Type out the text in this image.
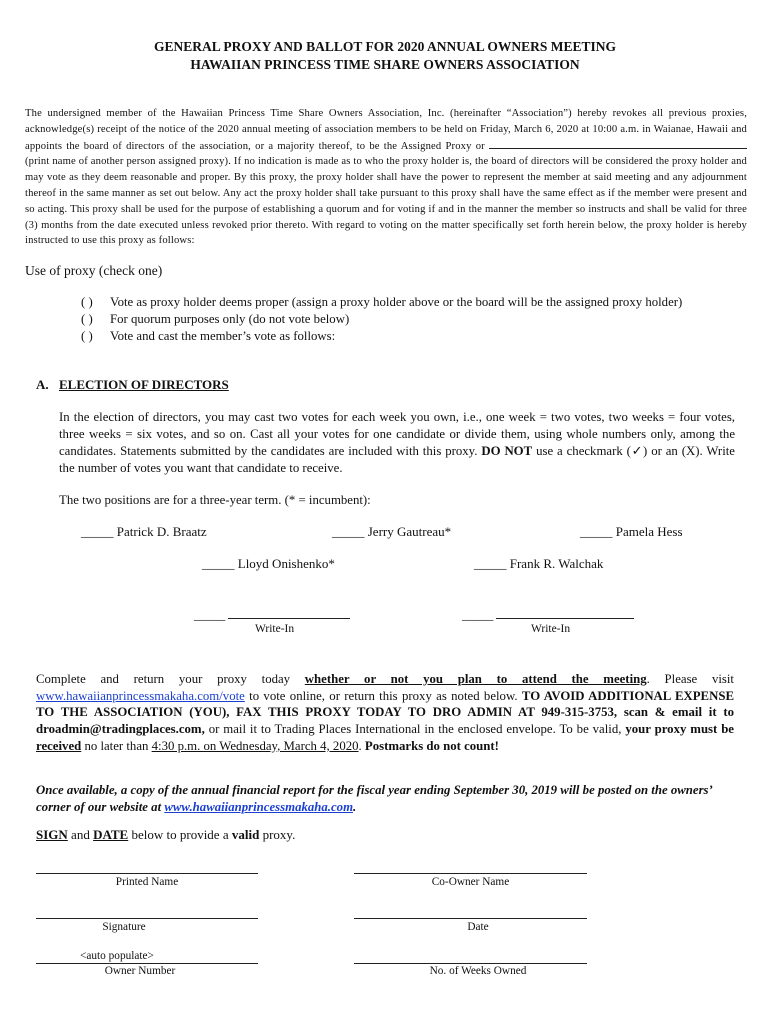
GENERAL PROXY AND BALLOT FOR 2020 ANNUAL OWNERS MEETING
HAWAIIAN PRINCESS TIME SHARE OWNERS ASSOCIATION
The undersigned member of the Hawaiian Princess Time Share Owners Association, Inc. (hereinafter “Association”) hereby revokes all previous proxies, acknowledge(s) receipt of the notice of the 2020 annual meeting of association members to be held on Friday, March 6, 2020 at 10:00 a.m. in Waianae, Hawaii and appoints the board of directors of the association, or a majority thereof, to be the Assigned Proxy or  (print name of another person assigned proxy). If no indication is made as to who the proxy holder is, the board of directors will be considered the proxy holder and may vote as they deem reasonable and proper. By this proxy, the proxy holder shall have the power to represent the member at said meeting and any adjournment thereof in the same manner as set out below. Any act the proxy holder shall take pursuant to this proxy shall have the same effect as if the member were present and so acting. This proxy shall be used for the purpose of establishing a quorum and for voting if and in the manner the member so instructs and shall be valid for three (3) months from the date executed unless revoked prior thereto. With regard to voting on the matter specifically set forth herein below, the proxy holder is hereby instructed to use this proxy as follows:
Use of proxy (check one)
( ) Vote as proxy holder deems proper (assign a proxy holder above or the board will be the assigned proxy holder)
( ) For quorum purposes only (do not vote below)
( ) Vote and cast the member’s vote as follows:
A. ELECTION OF DIRECTORS
In the election of directors, you may cast two votes for each week you own, i.e., one week = two votes, two weeks = four votes, three weeks = six votes, and so on. Cast all your votes for one candidate or divide them, using whole numbers only, among the candidates. Statements submitted by the candidates are included with this proxy. DO NOT use a checkmark (✓) or an (X). Write the number of votes you want that candidate to receive.
The two positions are for a three-year term. (* = incumbent):
_____ Patrick D. Braatz	_____ Jerry Gautreau*	_____ Pamela Hess
_____ Lloyd Onishenko*	_____ Frank R. Walchak
_____
Write-In
_____
Write-In
Complete and return your proxy today whether or not you plan to attend the meeting. Please visit www.hawaiianprincessmakaha.com/vote to vote online, or return this proxy as noted below. TO AVOID ADDITIONAL EXPENSE TO THE ASSOCIATION (YOU), FAX THIS PROXY TODAY TO DRO ADMIN AT 949-315-3753, scan & email it to droadmin@tradingplaces.com, or mail it to Trading Places International in the enclosed envelope. To be valid, your proxy must be received no later than 4:30 p.m. on Wednesday, March 4, 2020. Postmarks do not count!
Once available, a copy of the annual financial report for the fiscal year ending September 30, 2019 will be posted on the owners’ corner of our website at www.hawaiianprincessmakaha.com.
SIGN and DATE below to provide a valid proxy.
Printed Name	Co-Owner Name
Signature	Date
<auto populate>
Owner Number	No. of Weeks Owned
